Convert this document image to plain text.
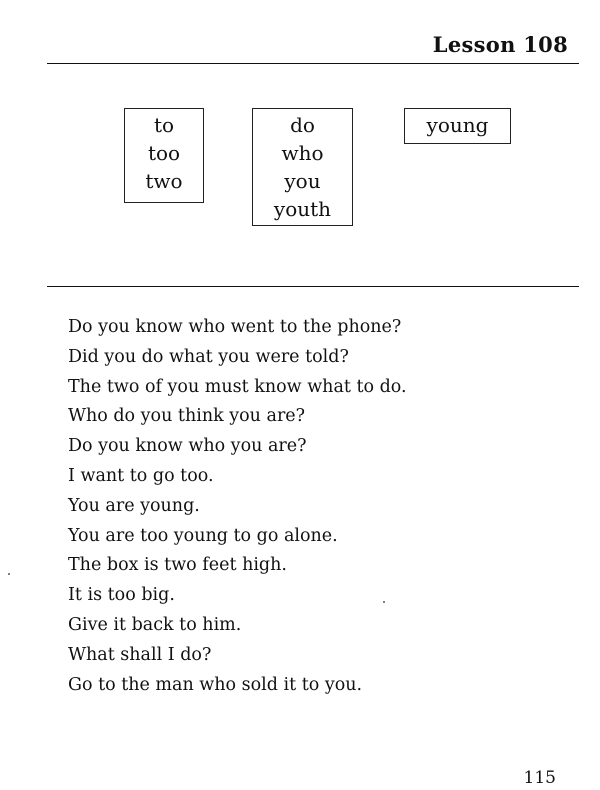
Lesson 108
to
too
two
do
who
you
youth
young
Do you know who went to the phone?
Did you do what you were told?
The two of you must know what to do.
Who do you think you are?
Do you know who you are?
I want to go too.
You are young.
You are too young to go alone.
The box is two feet high.
It is too big.
Give it back to him.
What shall I do?
Go to the man who sold it to you.
115
